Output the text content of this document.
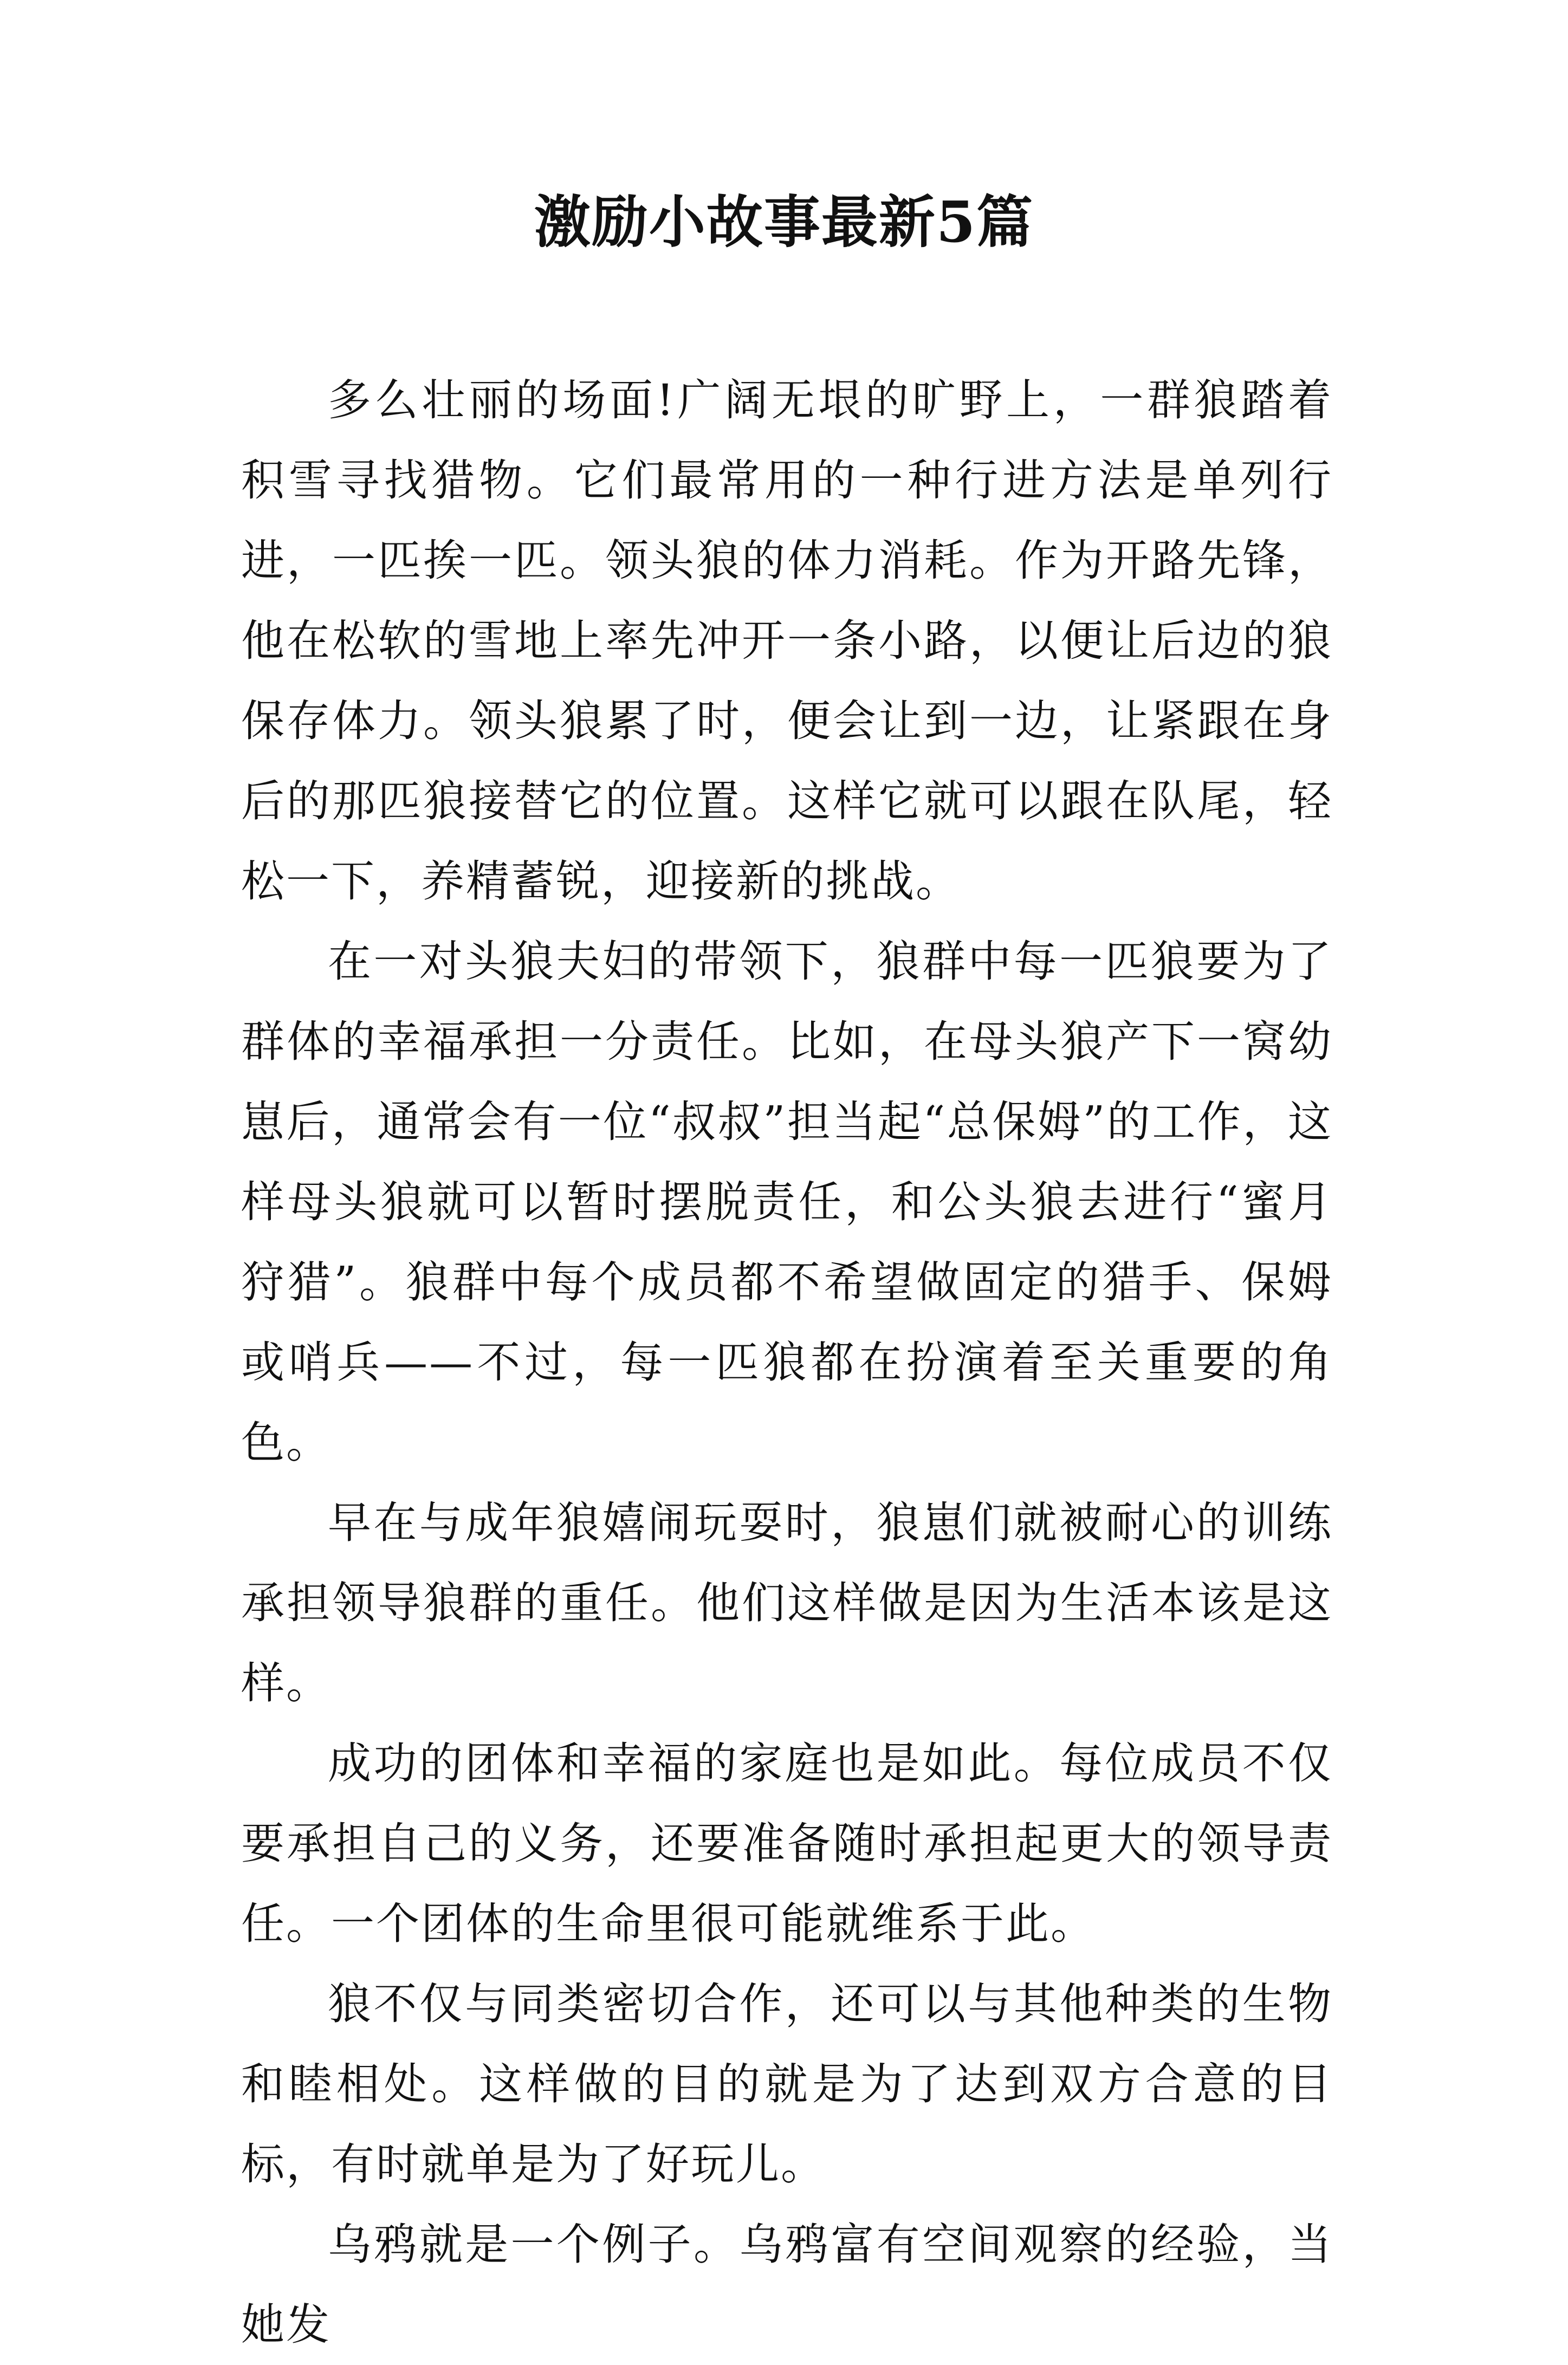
激励小故事最新5篇

多么壮丽的场面!广阔无垠的旷野上，一群狼踏着积雪寻找猎物。它们最常用的一种行进方法是单列行进，一匹挨一匹。领头狼的体力消耗。作为开路先锋，他在松软的雪地上率先冲开一条小路，以便让后边的狼保存体力。领头狼累了时，便会让到一边，让紧跟在身后的那匹狼接替它的位置。这样它就可以跟在队尾，轻松一下，养精蓄锐，迎接新的挑战。

在一对头狼夫妇的带领下，狼群中每一匹狼要为了群体的幸福承担一分责任。比如，在母头狼产下一窝幼崽后，通常会有一位“叔叔”担当起“总保姆”的工作，这样母头狼就可以暂时摆脱责任，和公头狼去进行“蜜月狩猎”。狼群中每个成员都不希望做固定的猎手、保姆或哨兵——不过，每一匹狼都在扮演着至关重要的角色。

早在与成年狼嬉闹玩耍时，狼崽们就被耐心的训练承担领导狼群的重任。他们这样做是因为生活本该是这样。

成功的团体和幸福的家庭也是如此。每位成员不仅要承担自己的义务，还要准备随时承担起更大的领导责任。一个团体的生命里很可能就维系于此。

狼不仅与同类密切合作，还可以与其他种类的生物和睦相处。这样做的目的就是为了达到双方合意的目标，有时就单是为了好玩儿。

乌鸦就是一个例子。乌鸦富有空间观察的经验，当她发
